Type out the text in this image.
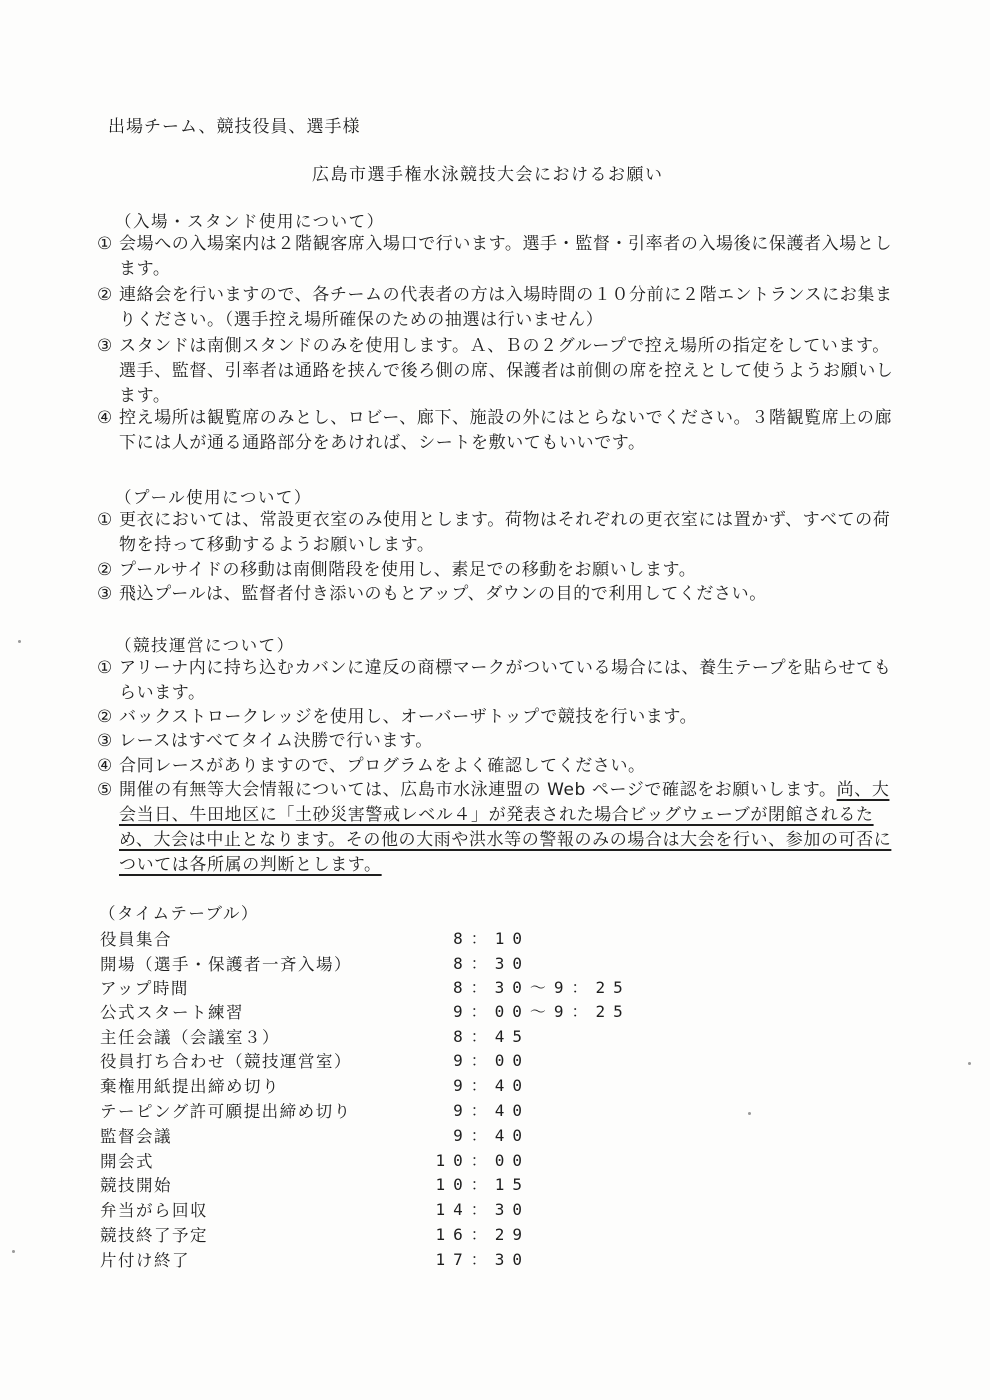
出場チーム、競技役員、選手様
広島市選手権水泳競技大会におけるお願い
（入場・スタンド使用について）
① 会場への入場案内は２階観客席入場口で行います。選手・監督・引率者の入場後に保護者入場とします。
② 連絡会を行いますので、各チームの代表者の方は入場時間の１０分前に２階エントランスにお集まりください。（選手控え場所確保のための抽選は行いません）
③ スタンドは南側スタンドのみを使用します。Ａ、Ｂの２グループで控え場所の指定をしています。選手、監督、引率者は通路を挟んで後ろ側の席、保護者は前側の席を控えとして使うようお願いします。
④ 控え場所は観覧席のみとし、ロビー、廊下、施設の外にはとらないでください。３階観覧席上の廊下には人が通る通路部分をあければ、シートを敷いてもいいです。
（プール使用について）
① 更衣においては、常設更衣室のみ使用とします。荷物はそれぞれの更衣室には置かず、すべての荷物を持って移動するようお願いします。
② プールサイドの移動は南側階段を使用し、素足での移動をお願いします。
③ 飛込プールは、監督者付き添いのもとアップ、ダウンの目的で利用してください。
（競技運営について）
① アリーナ内に持ち込むカバンに違反の商標マークがついている場合には、養生テープを貼らせてもらいます。
② バックストロークレッジを使用し、オーバーザトップで競技を行います。
③ レースはすべてタイム決勝で行います。
④ 合同レースがありますので、プログラムをよく確認してください。
⑤ 開催の有無等大会情報については、広島市水泳連盟の Web ページで確認をお願いします。尚、大会当日、牛田地区に「土砂災害警戒レベル４」が発表された場合ビッグウェーブが閉館されるため、大会は中止となります。その他の大雨や洪水等の警報のみの場合は大会を行い、参加の可否については各所属の判断とします。
（タイムテーブル）
役員集合	8：10
開場（選手・保護者一斉入場）	8：30
アップ時間	8：30～9：25
公式スタート練習	9：00～9：25
主任会議（会議室３）	8：45
役員打ち合わせ（競技運営室）	9：00
棄権用紙提出締め切り	9：40
テーピング許可願提出締め切り	9：40
監督会議	9：40
開会式	10：00
競技開始	10：15
弁当がら回収	14：30
競技終了予定	16：29
片付け終了	17：30
